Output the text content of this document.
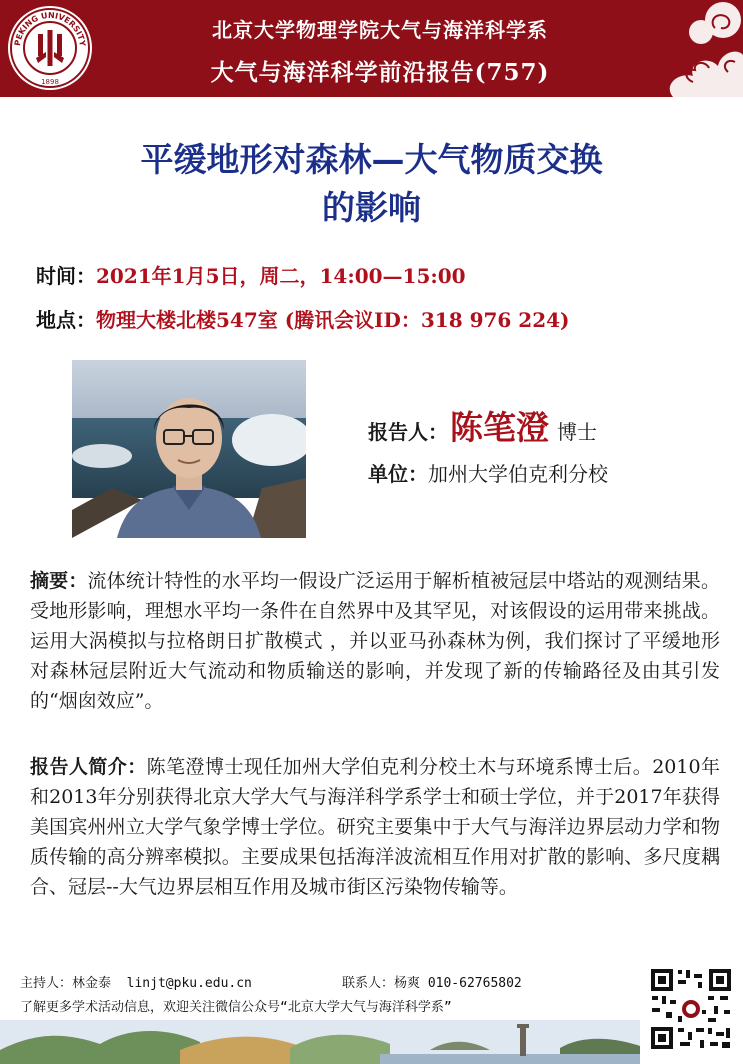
PEKING UNIVERSITY
1898
北京大学物理学院大气与海洋科学系
大气与海洋科学前沿报告(757)
平缓地形对森林—大气物质交换
的影响
时间：2021年1月5日，周二，14:00—15:00
地点：物理大楼北楼547室 (腾讯会议ID：318 976 224)
报告人：陈笔澄 博士
单位：加州大学伯克利分校
摘要：流体统计特性的水平均一假设广泛运用于解析植被冠层中塔站的观测结果。受地形影响，理想水平均一条件在自然界中及其罕见，对该假设的运用带来挑战。运用大涡模拟与拉格朗日扩散模式 ，并以亚马孙森林为例，我们探讨了平缓地形对森林冠层附近大气流动和物质输送的影响，并发现了新的传输路径及由其引发的“烟囱效应”。
报告人简介：陈笔澄博士现任加州大学伯克利分校土木与环境系博士后。2010年和2013年分别获得北京大学大气与海洋科学系学士和硕士学位，并于2017年获得美国宾州州立大学气象学博士学位。研究主要集中于大气与海洋边界层动力学和物质传输的高分辨率模拟。主要成果包括海洋波流相互作用对扩散的影响、多尺度耦合、冠层--大气边界层相互作用及城市街区污染物传输等。
主持人：林金泰  linjt@pku.edu.cn	联系人：杨爽 010-62765802
了解更多学术活动信息，欢迎关注微信公众号“北京大学大气与海洋科学系”
